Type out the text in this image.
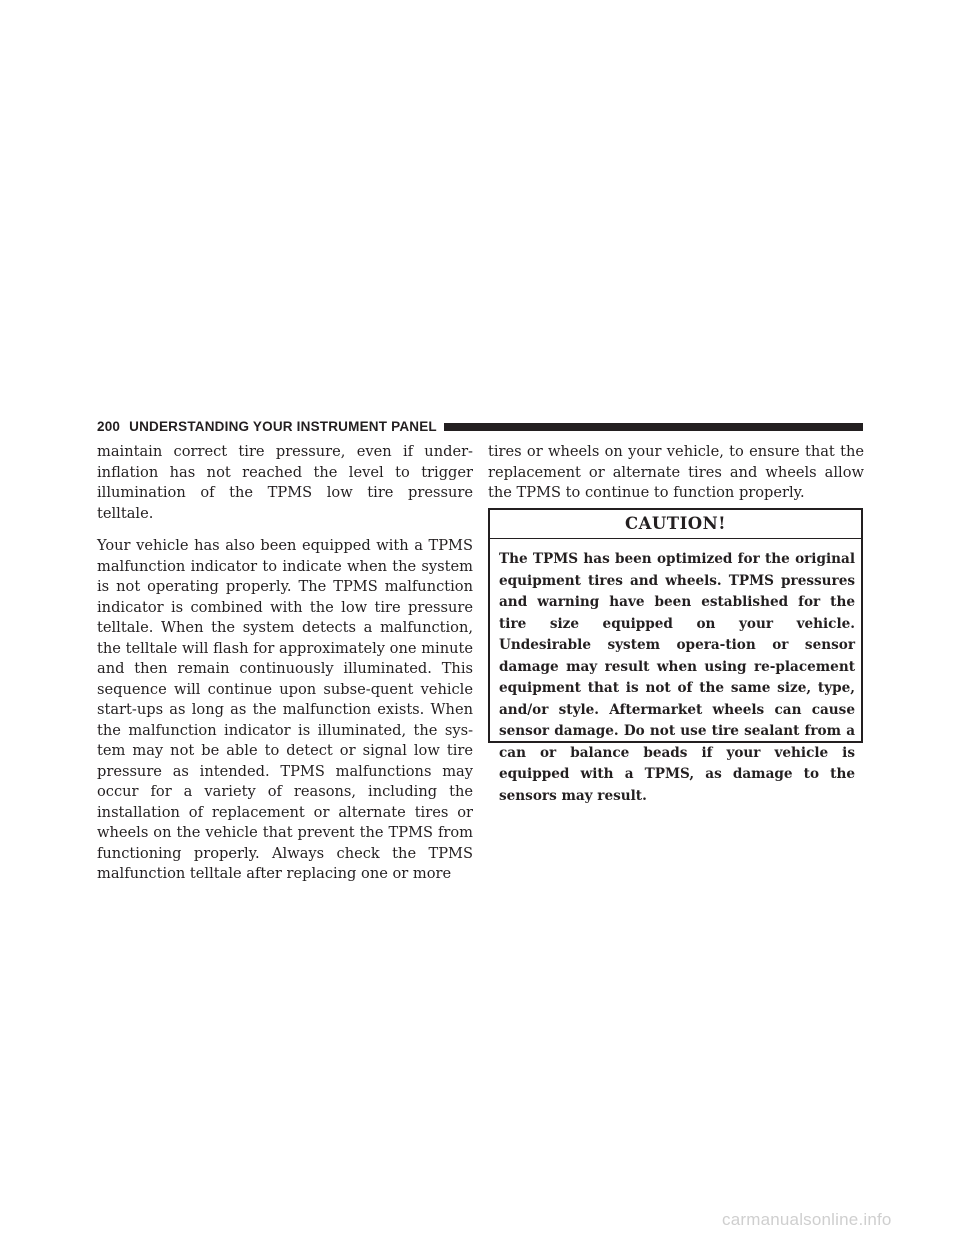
200 UNDERSTANDING YOUR INSTRUMENT PANEL

maintain correct tire pressure, even if under-inflation has not reached the level to trigger illumination of the TPMS low tire pressure telltale.

Your vehicle has also been equipped with a TPMS malfunction indicator to indicate when the system is not operating properly. The TPMS malfunction indicator is combined with the low tire pressure telltale. When the system detects a malfunction, the telltale will flash for approximately one minute and then remain continuously illuminated. This sequence will continue upon subse-quent vehicle start-ups as long as the malfunction exists. When the malfunction indicator is illuminated, the sys-tem may not be able to detect or signal low tire pressure as intended. TPMS malfunctions may occur for a variety of reasons, including the installation of replacement or alternate tires or wheels on the vehicle that prevent the TPMS from functioning properly. Always check the TPMS malfunction telltale after replacing one or more

tires or wheels on your vehicle, to ensure that the replacement or alternate tires and wheels allow the TPMS to continue to function properly.

CAUTION!
The TPMS has been optimized for the original equipment tires and wheels. TPMS pressures and warning have been established for the tire size equipped on your vehicle. Undesirable system opera-tion or sensor damage may result when using re-placement equipment that is not of the same size, type, and/or style. Aftermarket wheels can cause sensor damage. Do not use tire sealant from a can or balance beads if your vehicle is equipped with a TPMS, as damage to the sensors may result.
carmanualsonline.info
